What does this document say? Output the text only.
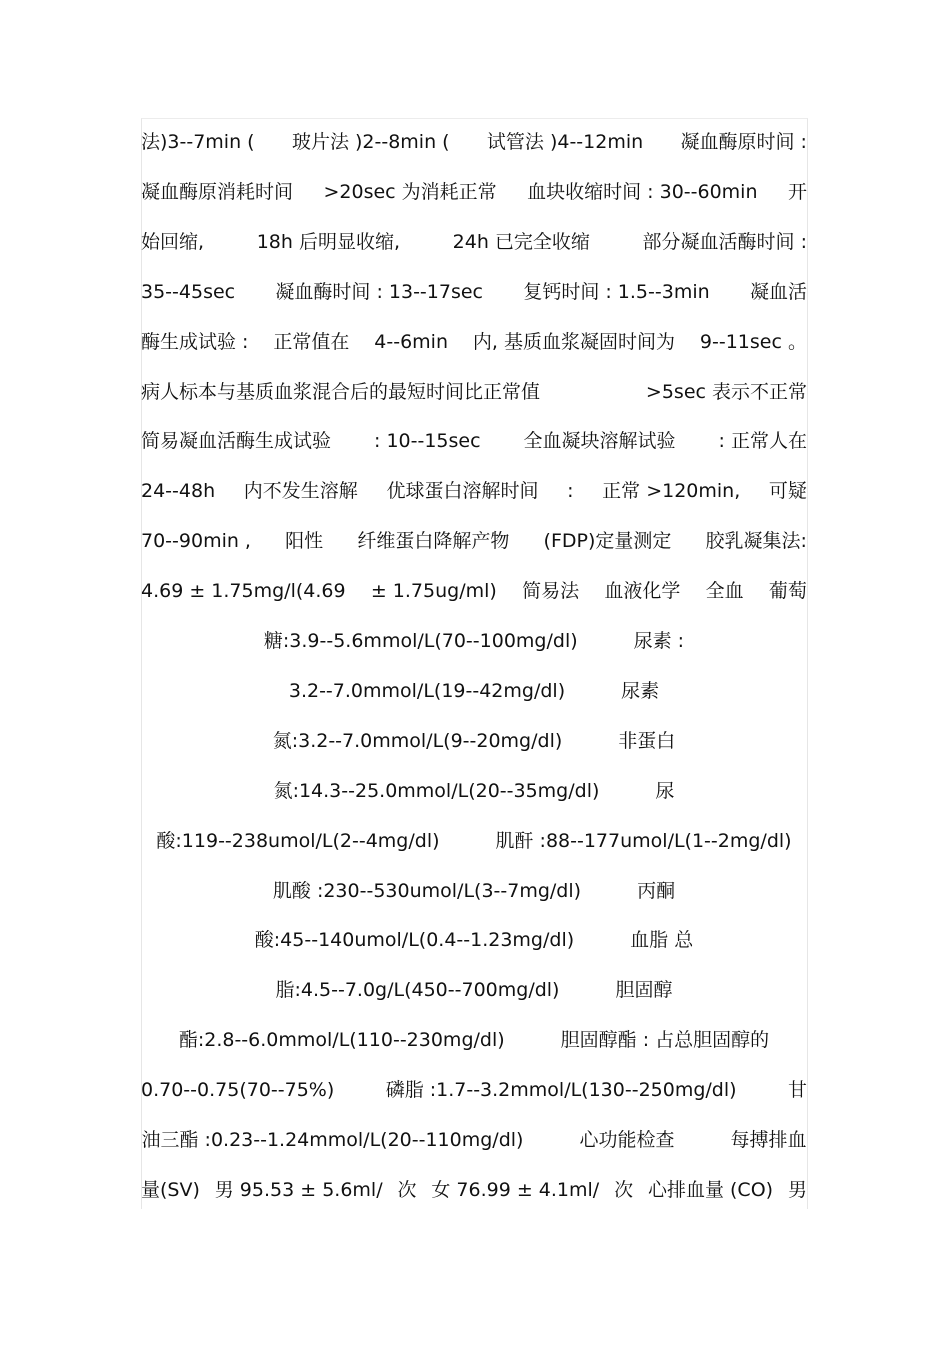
法)3--7min ( 玻片法 )2--8min ( 试管法 )4--12min 凝血酶原时间 :
凝血酶原消耗时间 >20sec 为消耗正常 血块收缩时间 : 30--60min 开
始回缩,	18h 后明显收缩,	24h 已完全收缩	部分凝血活酶时间 :
35--45sec 凝血酶时间 : 13--17sec 复钙时间 : 1.5--3min 凝血活
酶生成试验 : 正常值在 4--6min 内, 基质血浆凝固时间为 9--11sec 。
病人标本与基质血浆混合后的最短时间比正常值	>5sec 表示不正常
简易凝血活酶生成试验 : 10--15sec 全血凝块溶解试验 : 正常人在
24--48h 内不发生溶解 优球蛋白溶解时间 : 正常 >120min, 可疑
70--90min , 阳性 纤维蛋白降解产物 (FDP)定量测定 胶乳凝集法:
4.69 ± 1.75mg/l(4.69 ± 1.75ug/ml) 简易法 血液化学 全血 葡萄
糖:3.9--5.6mmol/L(70--100mg/dl)	尿素 :
3.2--7.0mmol/L(19--42mg/dl)	尿素
氮:3.2--7.0mmol/L(9--20mg/dl)	非蛋白
氮:14.3--25.0mmol/L(20--35mg/dl)	尿
酸:119--238umol/L(2--4mg/dl)	肌酐 :88--177umol/L(1--2mg/dl)
肌酸 :230--530umol/L(3--7mg/dl)	丙酮
酸:45--140umol/L(0.4--1.23mg/dl)	血脂 总
脂:4.5--7.0g/L(450--700mg/dl)	胆固醇
酯:2.8--6.0mmol/L(110--230mg/dl)	胆固醇酯 : 占总胆固醇的
0.70--0.75(70--75%)	磷脂 :1.7--3.2mmol/L(130--250mg/dl)	甘
油三酯 :0.23--1.24mmol/L(20--110mg/dl)	心功能检查	每搏排血
量(SV) 男 95.53 ± 5.6ml/ 次 女 76.99 ± 4.1ml/ 次 心排血量 (CO) 男
